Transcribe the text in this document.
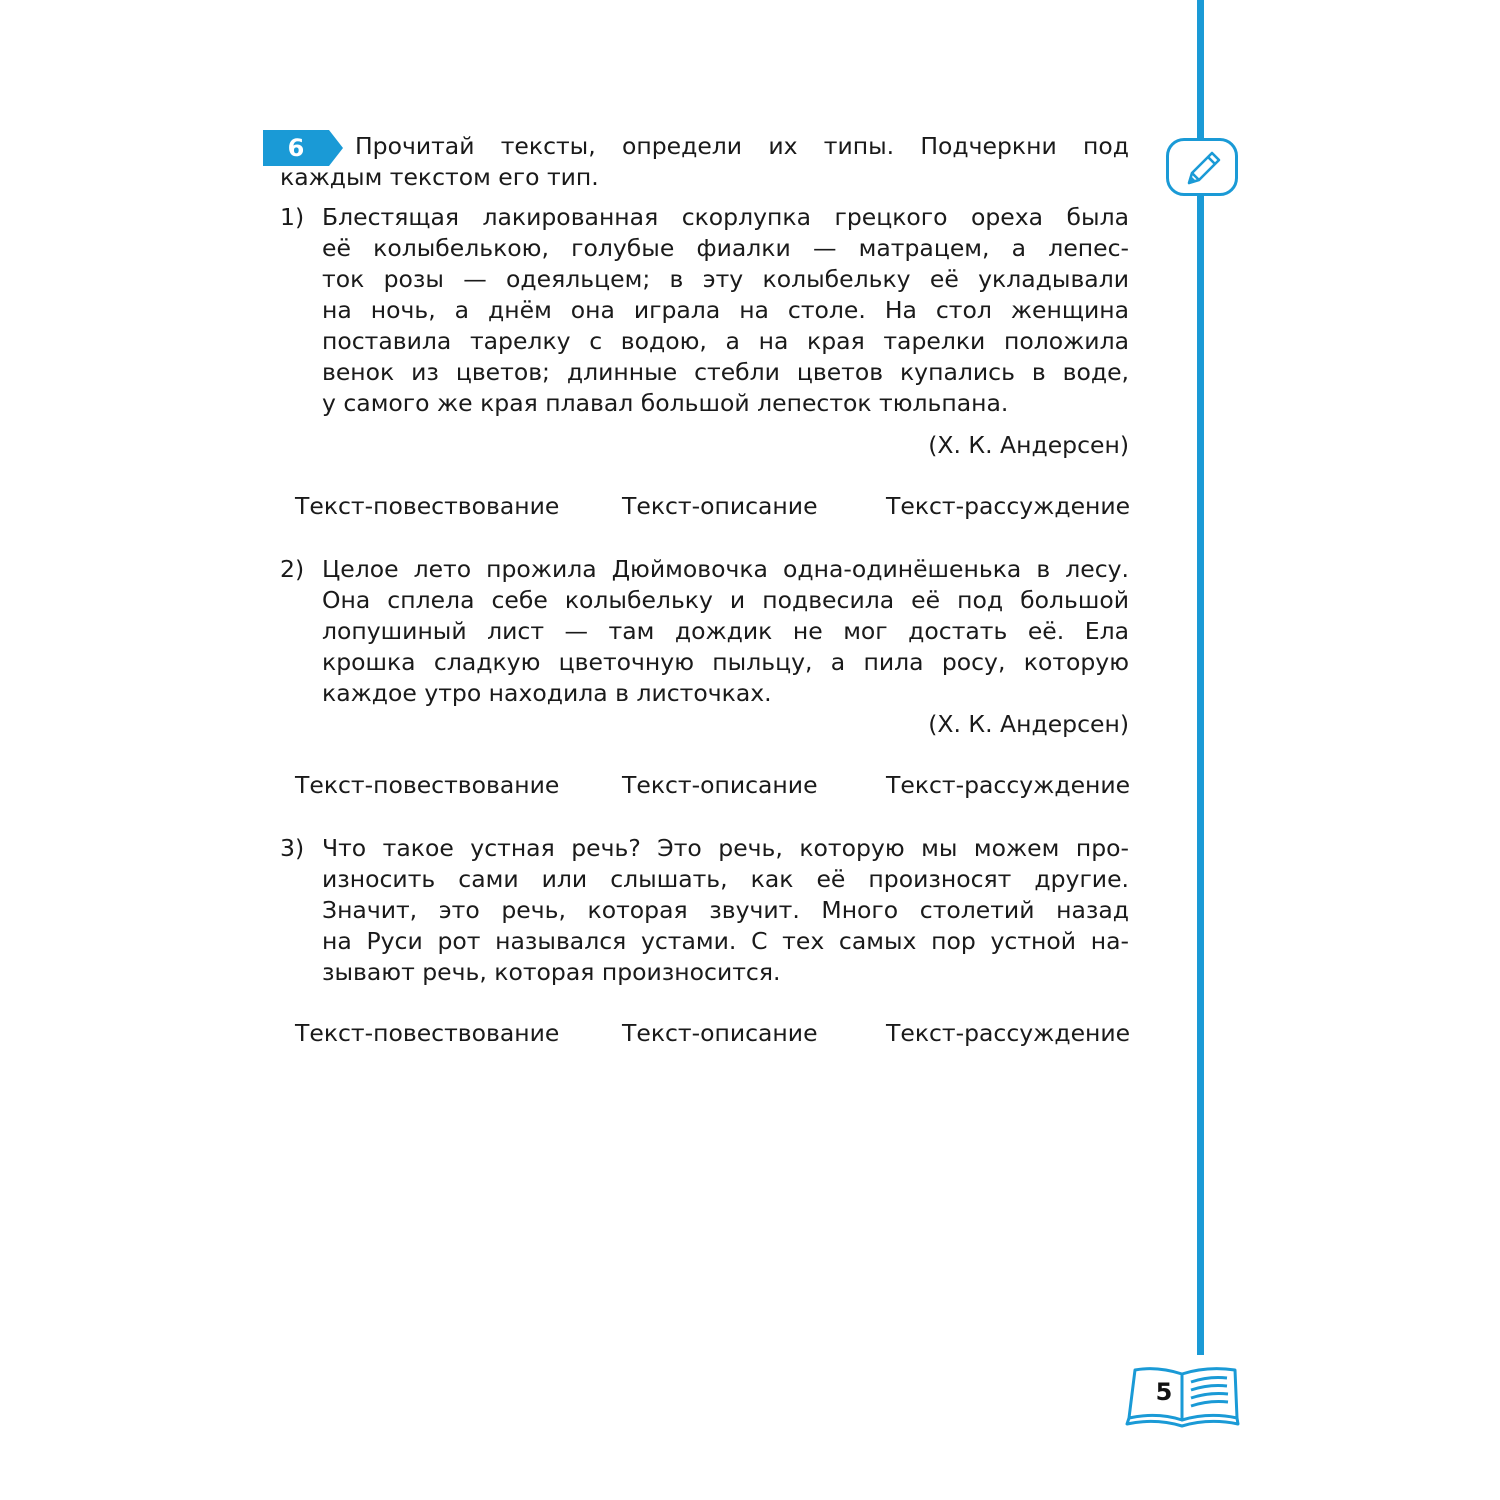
6	Прочитай тексты, определи их типы. Подчеркни под
каждым текстом его тип.
1) Блестящая лакированная скорлупка грецкого ореха была
её колыбелькою, голубые фиалки — матрацем, а лепес-
ток розы — одеяльцем; в эту колыбельку её укладывали
на ночь, а днём она играла на столе. На стол женщина
поставила тарелку с водою, а на края тарелки положила
венок из цветов; длинные стебли цветов купались в воде,
у самого же края плавал большой лепесток тюльпана.
(Х. К. Андерсен)
Текст-повествование	Текст-описание	Текст-рассуждение
2) Целое лето прожила Дюймовочка одна-одинёшенька в лесу.
Она сплела себе колыбельку и подвесила её под большой
лопушиный лист — там дождик не мог достать её. Ела
крошка сладкую цветочную пыльцу, а пила росу, которую
каждое утро находила в листочках.
(Х. К. Андерсен)
Текст-повествование	Текст-описание	Текст-рассуждение
3) Что такое устная речь? Это речь, которую мы можем про-
износить сами или слышать, как её произносят другие.
Значит, это речь, которая звучит. Много столетий назад
на Руси рот назывался устами. С тех самых пор устной на-
зывают речь, которая произносится.
Текст-повествование	Текст-описание	Текст-рассуждение
5
